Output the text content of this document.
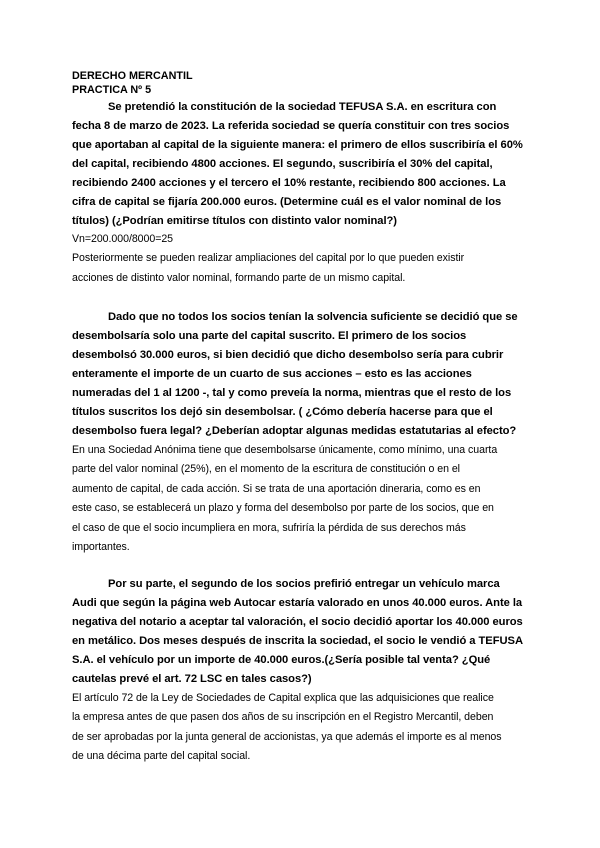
DERECHO MERCANTIL
PRACTICA Nº 5
Se pretendió la constitución de la sociedad TEFUSA S.A. en escritura con
fecha 8 de marzo de 2023. La referida sociedad se quería constituir con tres socios
que aportaban al capital de la siguiente manera: el primero de ellos suscribiría el 60%
del capital, recibiendo 4800 acciones. El segundo, suscribiría el 30% del capital,
recibiendo 2400 acciones y el tercero el 10% restante, recibiendo 800 acciones. La
cifra de capital se fijaría 200.000 euros. (Determine cuál es el valor nominal de los
títulos) (¿Podrían emitirse títulos con distinto valor nominal?)
Vn=200.000/8000=25
Posteriormente se pueden realizar ampliaciones del capital por lo que pueden existir
acciones de distinto valor nominal, formando parte de un mismo capital.
Dado que no todos los socios tenían la solvencia suficiente se decidió que se
desembolsaría solo una parte del capital suscrito. El primero de los socios
desembolsó 30.000 euros, si bien decidió que dicho desembolso sería para cubrir
enteramente el importe de un cuarto de sus acciones – esto es las acciones
numeradas del 1 al 1200 -, tal y como preveía la norma, mientras que el resto de los
títulos suscritos los dejó sin desembolsar. ( ¿Cómo debería hacerse para que el
desembolso fuera legal? ¿Deberían adoptar algunas medidas estatutarias al efecto?
En una Sociedad Anónima tiene que desembolsarse únicamente, como mínimo, una cuarta
parte del valor nominal (25%), en el momento de la escritura de constitución o en el
aumento de capital, de cada acción. Si se trata de una aportación dineraria, como es en
este caso, se establecerá un plazo y forma del desembolso por parte de los socios, que en
el caso de que el socio incumpliera en mora, sufriría la pérdida de sus derechos más
importantes.
Por su parte, el segundo de los socios prefirió entregar un vehículo marca
Audi que según la página web Autocar estaría valorado en unos 40.000 euros. Ante la
negativa del notario a aceptar tal valoración, el socio decidió aportar los 40.000 euros
en metálico. Dos meses después de inscrita la sociedad, el socio le vendió a TEFUSA
S.A. el vehículo por un importe de 40.000 euros.(¿Sería posible tal venta? ¿Qué
cautelas prevé el art. 72 LSC en tales casos?)
El artículo 72 de la Ley de Sociedades de Capital explica que las adquisiciones que realice
la empresa antes de que pasen dos años de su inscripción en el Registro Mercantil, deben
de ser aprobadas por la junta general de accionistas, ya que además el importe es al menos
de una décima parte del capital social.
